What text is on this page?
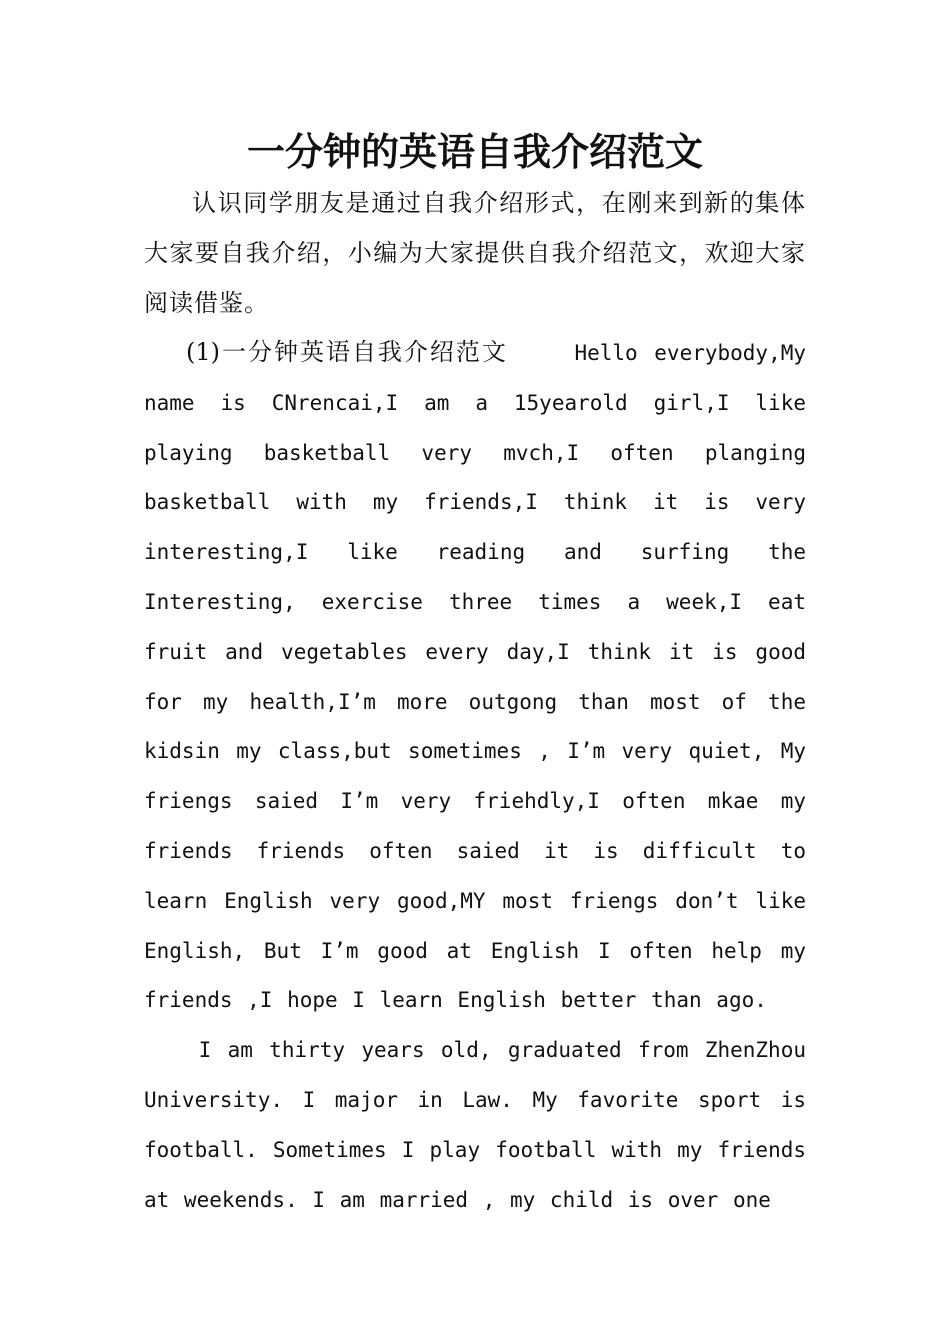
一分钟的英语自我介绍范文

认识同学朋友是通过自我介绍形式，在刚来到新的集体大家要自我介绍，小编为大家提供自我介绍范文，欢迎大家阅读借鉴。

(1)一分钟英语自我介绍范文	Hello everybody,My name is CNrencai,I am a 15yearold girl,I like playing basketball very mvch,I often planging basketball with my friends,I think it is very interesting,I like reading and surfing the Interesting, exercise three times a week,I eat fruit and vegetables every day,I think it is good for my health,I’m more outgong than most of the kidsin my class,but sometimes , I’m very quiet, My friengs saied I’m very friehdly,I often mkae my friends friends often saied it is difficult to learn English very good,MY most friengs don’t like English, But I’m good at English I often help my friends ,I hope I learn English better than ago.

I am thirty years old, graduated from ZhenZhou University. I major in Law. My favorite sport is football. Sometimes I play football with my friends at weekends. I am married , my child is over one
